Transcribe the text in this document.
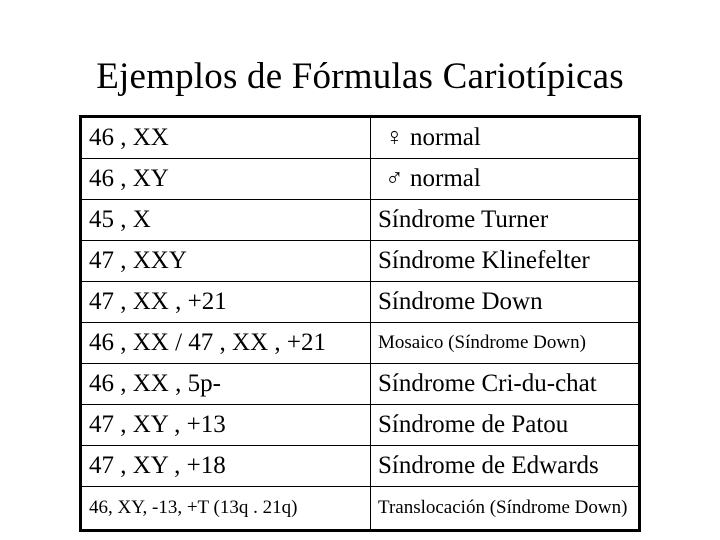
Ejemplos de Fórmulas Cariotípicas
46 , XX	♀ normal
46 , XY	♂ normal
45 , X	Síndrome Turner
47 , XXY	Síndrome Klinefelter
47 , XX , +21	Síndrome Down
46 , XX / 47 , XX , +21	Mosaico (Síndrome Down)
46 , XX , 5p-	Síndrome Cri-du-chat
47 , XY , +13	Síndrome de Patou
47 , XY , +18	Síndrome de Edwards
46, XY, -13, +T (13q . 21q)	Translocación (Síndrome Down)
